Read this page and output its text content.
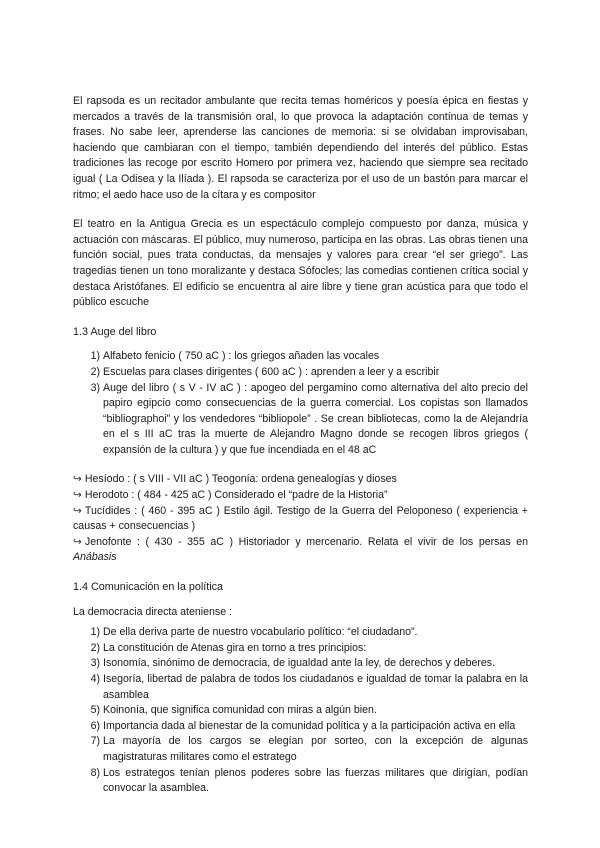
El rapsoda es un recitador ambulante que recita temas homéricos y poesía épica en fiestas y mercados a través de la transmisión oral, lo que provoca la adaptación contínua de temas y frases. No sabe leer, aprenderse las canciones de memoria: si se olvidaban improvisaban, haciendo que cambiaran con el tiempo, también dependiendo del interés del público. Estas tradiciones las recoge por escrito Homero por primera vez, haciendo que siempre sea recitado igual ( La Odisea y la Ilíada ). El rapsoda se caracteriza por el uso de un bastón para marcar el ritmo; el aedo hace uso de la cítara y es compositor

El teatro en la Antigua Grecia es un espectáculo complejo compuesto por danza, música y actuación con máscaras. El público, muy numeroso, participa en las obras. Las obras tienen una función social, pues trata conductas, da mensajes y valores para crear “el ser griego”. Las tragedias tienen un tono moralizante y destaca Sófocles; las comedias contienen crítica social y destaca Aristófanes. El edificio se encuentra al aire libre y tiene gran acústica para que todo el público escuche

1.3 Auge del libro
1 ) Alfabeto fenicio ( 750 aC ) : los griegos añaden las vocales
2 ) Escuelas para clases dirigentes ( 600 aC ) : aprenden a leer y a escribir
3 ) Auge del libro ( s V - IV aC ) : apogeo del pergamino como alternativa del alto precio del papiro egipcio como consecuencias de la guerra comercial. Los copistas son llamados “bibliographoi” y los vendedores “bibliopole” . Se crean bibliotecas, como la de Alejandría en el s III aC tras la muerte de Alejandro Magno donde se recogen libros griegos ( expansión de la cultura ) y que fue incendiada en el 48 aC
↪ Hesíodo : ( s VIII - VII aC ) Teogonía: ordena genealogías y dioses
↪ Herodoto : ( 484 - 425 aC ) Considerado el “padre de la Historia”
↪ Tucídides : ( 460 - 395 aC ) Estilo ágil. Testigo de la Guerra del Peloponeso ( experiencia + causas + consecuencias )
↪ Jenofonte : ( 430 - 355 aC ) Historiador y mercenario. Relata el vivir de los persas en Anábasis
1.4 Comunicación en la política

La democracia directa ateniense :

1 ) De ella deriva parte de nuestro vocabulario político: “el ciudadano”.
2 ) La constitución de Atenas gira en torno a tres principios:
3 ) Isonomía, sinónimo de democracia, de igualdad ante la ley, de derechos y deberes.
4 ) Isegoría, libertad de palabra de todos los ciudadanos e igualdad de tomar la palabra en la asamblea
5 ) Koinonía, que significa comunidad con miras a algún bien.
6 ) Importancia dada al bienestar de la comunidad política y a la participación activa en ella
7 ) La mayoría de los cargos se elegían por sorteo, con la excepción de algunas magistraturas militares como el estratego
8 ) Los estrategos tenían plenos poderes sobre las fuerzas militares que dirigían, podían convocar la asamblea.
